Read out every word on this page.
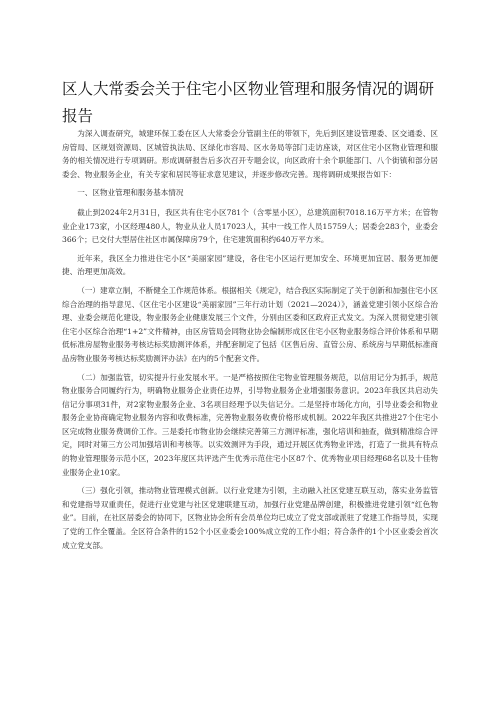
区人大常委会关于住宅小区物业管理和服务情况的调研报告

为深入调查研究，城建环保工委在区人大常委会分管副主任的带领下，先后到区建设管理委、区交通委、区房管局、区规划资源局、区城管执法局、区绿化市容局、区水务局等部门走访座谈，对区住宅小区物业管理和服务的相关情况进行专项调研。形成调研报告后多次召开专题会议，向区政府十余个职能部门、八个街镇和部分居委会、物业服务企业，有关专家和居民等征求意见建议，并逐步修改完善。现将调研成果报告如下：

一、区物业管理和服务基本情况

截止到2024年2月31日，我区共有住宅小区781个（含零星小区），总建筑面积7018.16万平方米；在管物业企业173家，小区经理480人，物业从业人员17023人，其中一线工作人员15759人；居委会283个，业委会366个；已交付大型居住社区市属保障房79个，住宅建筑面积约640万平方米。

近年来，我区全力推进住宅小区“美丽家园”建设，各住宅小区运行更加安全、环境更加宜居、服务更加便捷、治理更加高效。

（一）建章立制，不断健全工作规范体系。根据相关《规定》，结合我区实际制定了关于创新和加强住宅小区综合治理的指导意见、《区住宅小区建设“美丽家园”三年行动计划（2021—2024）》，涵盖党建引领小区综合治理、业委会规范化建设，物业服务企业健康发展三个文件，分别由区委和区政府正式发文。为深入贯彻党建引领住宅小区综合治理“1+2”文件精神，由区房管局会同物业协会编制形成区住宅小区物业服务综合评价体系和早期低标准房屋物业服务考核达标奖励测评体系，并配套制定了包括《区售后房、直管公房、系统房与早期低标准商品房物业服务考核达标奖励测评办法》在内的5个配套文件。

（二）加强监管，切实提升行业发展水平。一是严格按照住宅物业管理服务规范，以信用记分为抓手，规范物业服务合同履约行为，明确物业服务企业责任边界，引导物业服务企业增强服务意识。2023年我区共启动失信记分事项31件，对2家物业服务企业、3名项目经理予以失信记分。二是坚持市场化方向，引导业委会和物业服务企业协商确定物业服务内容和收费标准，完善物业服务收费价格形成机制。2022年我区共推进27个住宅小区完成物业服务费调价工作。三是委托市物业协会继续完善第三方测评标准，强化培训和抽查，做到精准综合评定，同时对第三方公司加强培训和考核等。以实效测评为手段，通过开展区优秀物业评选，打造了一批具有特点的物业管理服务示范小区，2023年度区共评选产生优秀示范住宅小区87个、优秀物业项目经理68名以及十佳物业服务企业10家。

（三）强化引领，推动物业管理模式创新。以行业党建为引领，主动融入社区党建互联互动，落实业务监管和党建指导双重责任，促进行业党建与社区党建联建互动，加强行业党建品牌创建，积极推进党建引领“红色物业”。目前，在社区居委会的协同下，区物业协会所有会员单位均已成立了党支部或派驻了党建工作指导员，实现了党的工作全覆盖。全区符合条件的152个小区业委会100%成立党的工作小组；符合条件的1个小区业委会首次成立党支部。
